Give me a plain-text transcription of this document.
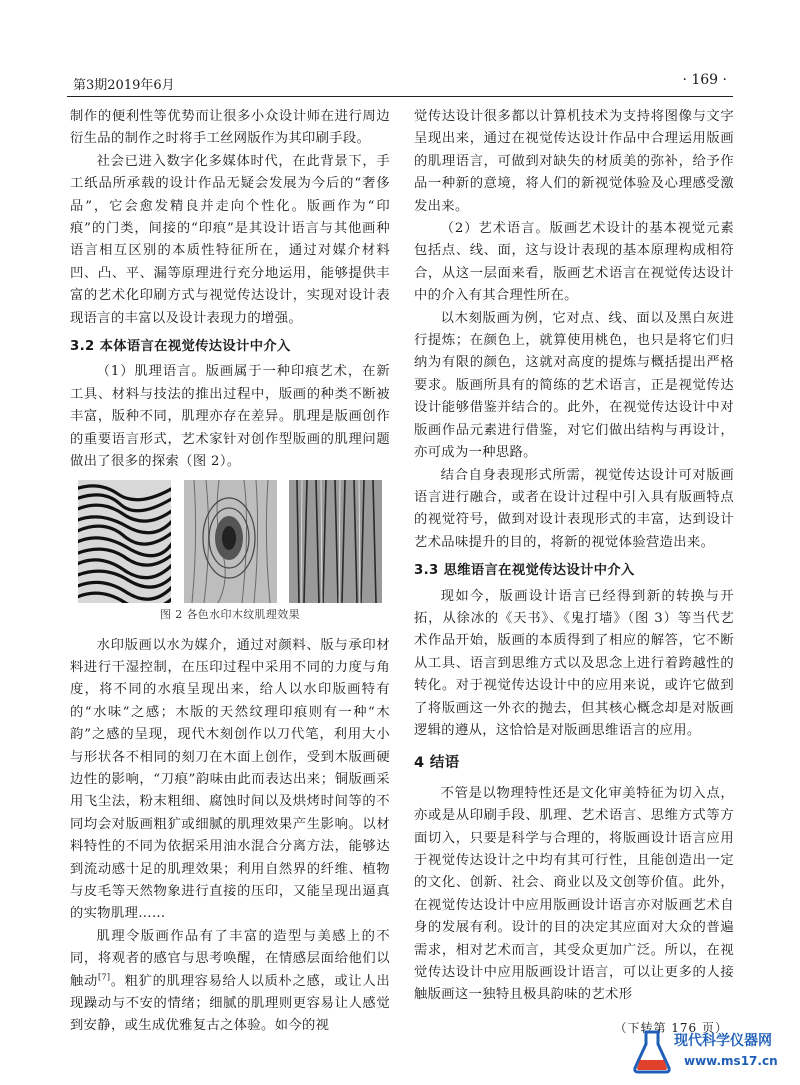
第3期2019年6月	· 169 ·

制作的便利性等优势而让很多小众设计师在进行周边衍生品的制作之时将手工丝网版作为其印刷手段。

社会已进入数字化多媒体时代，在此背景下，手工纸品所承载的设计作品无疑会发展为今后的“奢侈品”，它会愈发精良并走向个性化。版画作为“印痕”的门类，间接的“印痕”是其设计语言与其他画种语言相互区别的本质性特征所在，通过对媒介材料凹、凸、平、漏等原理进行充分地运用，能够提供丰富的艺术化印刷方式与视觉传达设计，实现对设计表现语言的丰富以及设计表现力的增强。

3.2 本体语言在视觉传达设计中介入

（1）肌理语言。版画属于一种印痕艺术，在新工具、材料与技法的推出过程中，版画的种类不断被丰富，版种不同，肌理亦存在差异。肌理是版画创作的重要语言形式，艺术家针对创作型版画的肌理问题做出了很多的探索（图 2）。

图 2 各色水印木纹肌理效果

水印版画以水为媒介，通过对颜料、版与承印材料进行干湿控制，在压印过程中采用不同的力度与角度，将不同的水痕呈现出来，给人以水印版画特有的“水味”之感；木版的天然纹理印痕则有一种“木韵”之感的呈现，现代木刻创作以刀代笔，利用大小与形状各不相同的刻刀在木面上创作，受到木版画硬边性的影响，“刀痕”韵味由此而表达出来；铜版画采用飞尘法，粉末粗细、腐蚀时间以及烘烤时间等的不同均会对版画粗犷或细腻的肌理效果产生影响。以材料特性的不同为依据采用油水混合分离方法，能够达到流动感十足的肌理效果；利用自然界的纤维、植物与皮毛等天然物象进行直接的压印，又能呈现出逼真的实物肌理……

肌理令版画作品有了丰富的造型与美感上的不同，将观者的感官与思考唤醒，在情感层面给他们以触动[7]。粗犷的肌理容易给人以质朴之感，或让人出现躁动与不安的情绪；细腻的肌理则更容易让人感觉到安静，或生成优雅复古之体验。如今的视

觉传达设计很多都以计算机技术为支持将图像与文字呈现出来，通过在视觉传达设计作品中合理运用版画的肌理语言，可做到对缺失的材质美的弥补，给予作品一种新的意境，将人们的新视觉体验及心理感受激发出来。

（2）艺术语言。版画艺术设计的基本视觉元素包括点、线、面，这与设计表现的基本原理构成相符合，从这一层面来看，版画艺术语言在视觉传达设计中的介入有其合理性所在。

以木刻版画为例，它对点、线、面以及黑白灰进行提炼；在颜色上，就算使用桃色，也只是将它们归纳为有限的颜色，这就对高度的提炼与概括提出严格要求。版画所具有的简练的艺术语言，正是视觉传达设计能够借鉴并结合的。此外，在视觉传达设计中对版画作品元素进行借鉴，对它们做出结构与再设计，亦可成为一种思路。

结合自身表现形式所需，视觉传达设计可对版画语言进行融合，或者在设计过程中引入具有版画特点的视觉符号，做到对设计表现形式的丰富，达到设计艺术品味提升的目的，将新的视觉体验营造出来。

3.3 思维语言在视觉传达设计中介入

现如今，版画设计语言已经得到新的转换与开拓，从徐冰的《天书》、《鬼打墙》（图 3）等当代艺术作品开始，版画的本质得到了相应的解答，它不断从工具、语言到思维方式以及思念上进行着跨越性的转化。对于视觉传达设计中的应用来说，或许它做到了将版画这一外衣的抛去，但其核心概念却是对版画逻辑的遵从，这恰恰是对版画思维语言的应用。

4 结语

不管是以物理特性还是文化审美特征为切入点，亦或是从印刷手段、肌理、艺术语言、思维方式等方面切入，只要是科学与合理的，将版画设计语言应用于视觉传达设计之中均有其可行性，且能创造出一定的文化、创新、社会、商业以及文创等价值。此外，在视觉传达设计中应用版画设计语言亦对版画艺术自身的发展有利。设计的目的决定其应面对大众的普遍需求，相对艺术而言，其受众更加广泛。所以，在视觉传达设计中应用版画设计语言，可以让更多的人接触版画这一独特且极具韵味的艺术形

（下转第 176 页）
现代科学仪器网
www.ms17.cn
